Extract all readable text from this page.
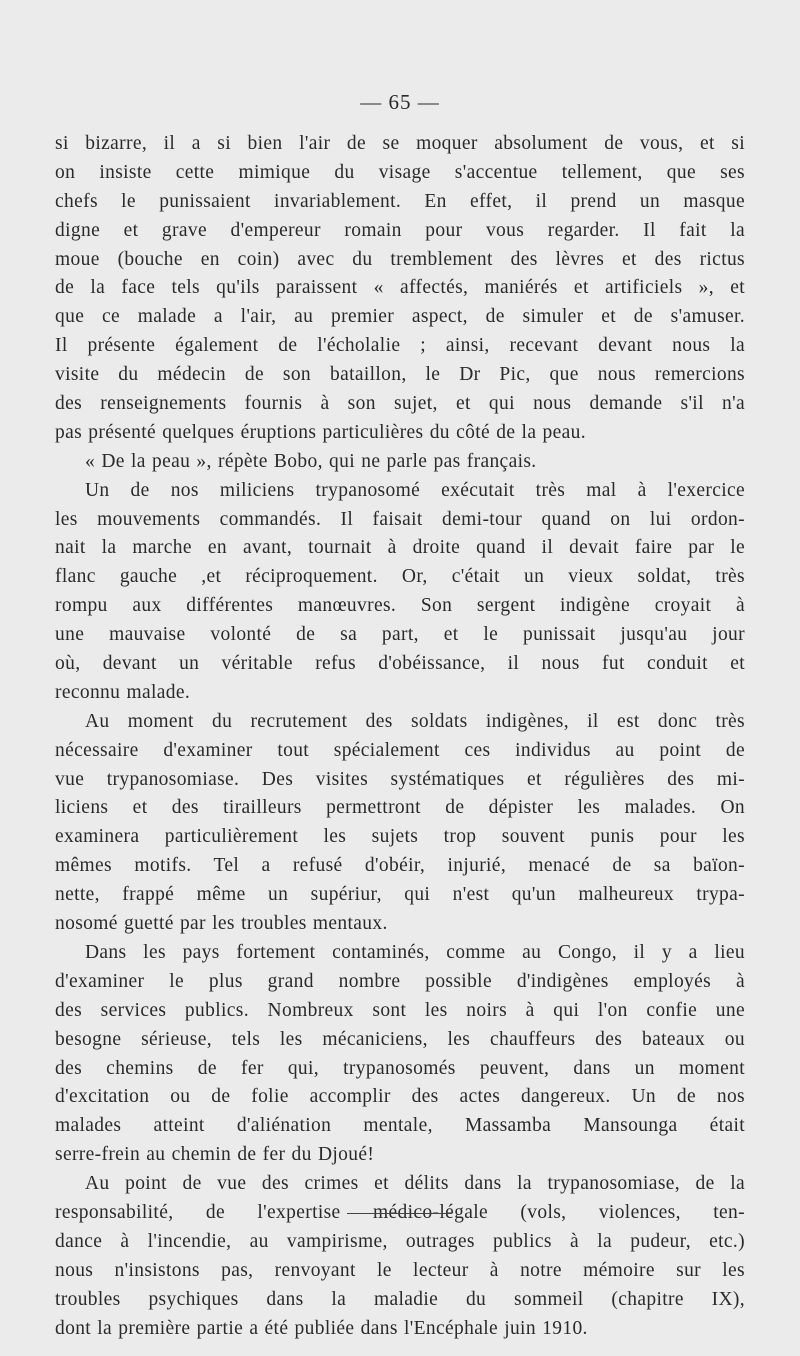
— 65 —
si bizarre, il a si bien l'air de se moquer absolument de vous, et si
on insiste cette mimique du visage s'accentue tellement, que ses
chefs le punissaient invariablement. En effet, il prend un masque
digne et grave d'empereur romain pour vous regarder. Il fait la
moue (bouche en coin) avec du tremblement des lèvres et des rictus
de la face tels qu'ils paraissent « affectés, maniérés et artificiels », et
que ce malade a l'air, au premier aspect, de simuler et de s'amuser.
Il présente également de l'écholalie ; ainsi, recevant devant nous la
visite du médecin de son bataillon, le Dr Pic, que nous remercions
des renseignements fournis à son sujet, et qui nous demande s'il n'a
pas présenté quelques éruptions particulières du côté de la peau.
« De la peau », répète Bobo, qui ne parle pas français.
Un de nos miliciens trypanosomé exécutait très mal à l'exercice
les mouvements commandés. Il faisait demi-tour quand on lui ordon-
nait la marche en avant, tournait à droite quand il devait faire par le
flanc gauche ,et réciproquement. Or, c'était un vieux soldat, très
rompu aux différentes manœuvres. Son sergent indigène croyait à
une mauvaise volonté de sa part, et le punissait jusqu'au jour
où, devant un véritable refus d'obéissance, il nous fut conduit et
reconnu malade.
Au moment du recrutement des soldats indigènes, il est donc très
nécessaire d'examiner tout spécialement ces individus au point de
vue trypanosomiase. Des visites systématiques et régulières des mi-
liciens et des tirailleurs permettront de dépister les malades. On
examinera particulièrement les sujets trop souvent punis pour les
mêmes motifs. Tel a refusé d'obéir, injurié, menacé de sa baïon-
nette, frappé même un supériur, qui n'est qu'un malheureux trypa-
nosomé guetté par les troubles mentaux.
Dans les pays fortement contaminés, comme au Congo, il y a lieu
d'examiner le plus grand nombre possible d'indigènes employés à
des services publics. Nombreux sont les noirs à qui l'on confie une
besogne sérieuse, tels les mécaniciens, les chauffeurs des bateaux ou
des chemins de fer qui, trypanosomés peuvent, dans un moment
d'excitation ou de folie accomplir des actes dangereux. Un de nos
malades atteint d'aliénation mentale, Massamba Mansounga était
serre-frein au chemin de fer du Djoué!
Au point de vue des crimes et délits dans la trypanosomiase, de la
responsabilité, de l'expertise médico-légale (vols, violences, ten-
dance à l'incendie, au vampirisme, outrages publics à la pudeur, etc.)
nous n'insistons pas, renvoyant le lecteur à notre mémoire sur les
troubles psychiques dans la maladie du sommeil (chapitre IX),
dont la première partie a été publiée dans l'Encéphale juin 1910.
